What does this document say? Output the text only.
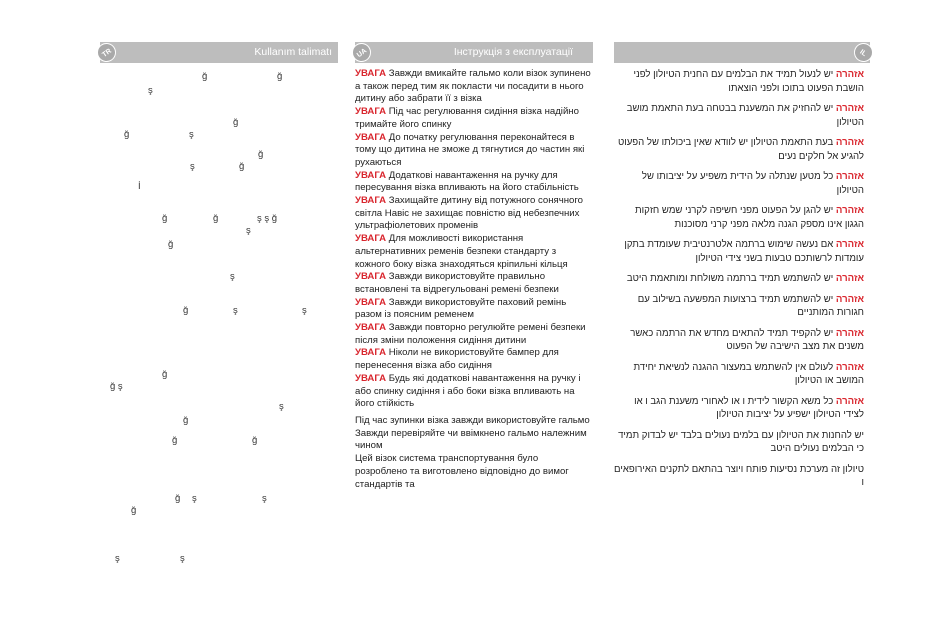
TR	Kullanım talimatı
ğ	ğ
ş
ğ
ğ	ş
ğ
ş	ğ
İ
ğ	ğ	ş ş ğ
ş
ğ
ş
ğ	ş	ş
ğ
ğ ş
ş
ğ
ğ	ğ
ğ ş	ş
ğ
ş	ş
UA	Інструкція з експлуатації
УВАГА Завжди вмикайте гальмо коли візок зупинено а також перед тим як покласти чи посадити в нього дитину або забрати її з візка
УВАГА Під час регулювання сидіння візка надійно тримайте його спинку
УВАГА До початку регулювання переконайтеся в тому що дитина не зможе д тягнутися до частин які рухаються
УВАГА Додаткові навантаження на ручку для пересування візка впливають на його стабільність
УВАГА Захищайте дитину від потужного сонячного світла Навіс не захищає повністю від небезпечних ультрафіолетових променів
УВАГА Для можливості використання альтернативних ременів безпеки стандарту з кожного боку візка знаходяться кріпильні кільця
УВАГА Завжди використовуйте правильно встановлені та відрегульовані ремені безпеки
УВАГА Завжди використовуйте паховий ремінь разом із поясним ременем
УВАГА Завжди повторно регулюйте ремені безпеки після зміни положення сидіння дитини
УВАГА Ніколи не використовуйте бампер для перенесення візка або сидіння
УВАГА Будь які додаткові навантаження на ручку і або спинку сидіння і або боки візка впливають на його стійкість
Під час зупинки візка завжди використовуйте гальмо
Завжди перевіряйте чи ввімкнено гальмо належним чином
Цей візок система транспортування було розроблено та виготовлено відповідно до вимог стандартів та
IL
אזהרה יש לנעול תמיד את הבלמים עם החנית הטיולון לפני הושבת הפעוט בתוכו ולפני הוצאתו
אזהרה יש להחזיק את המשענת בבטחה בעת התאמת מושב הטיולון
אזהרה בעת התאמת הטיולון יש לוודא שאין ביכולתו של הפעוט להגיע אל חלקים נעים
אזהרה כל מטען שנתלה על הידית משפיע על יציבותו של הטיולון
אזהרה יש להגן על הפעוט מפני חשיפה לקרני שמש חזקות הגגון אינו מספק הגנה מלאה מפני קרני מסוכנות
אזהרה אם נעשה שימוש ברתמה אלטרנטיבית שעומדת בתקן עומדות לרשותכם טבעות בשני צידי הטיולון
אזהרה יש להשתמש תמיד ברתמה משולחת ומותאמת היטב
אזהרה יש להשתמש תמיד ברצועות המפשעה בשילוב עם חגורות המותניים
אזהרה יש להקפיד תמיד להתאים מחדש את הרתמה כאשר משנים את מצב הישיבה של הפעוט
אזהרה לעולם אין להשתמש במעצור ההגנה לנשיאת יחידת המושב או הטיולון
אזהרה כל משא הקשור לידית ו או לאחורי משענת הגב ו או לצידי הטיולון ישפיע על יציבות הטיולון
יש להחנות את הטיולון עם בלמים נעולים בלבד יש לבדוק תמיד כי הבלמים נעולים היטב
טיולון זה מערכת נסיעות פותח ויוצר בהתאם לתקנים האירופאים ו
